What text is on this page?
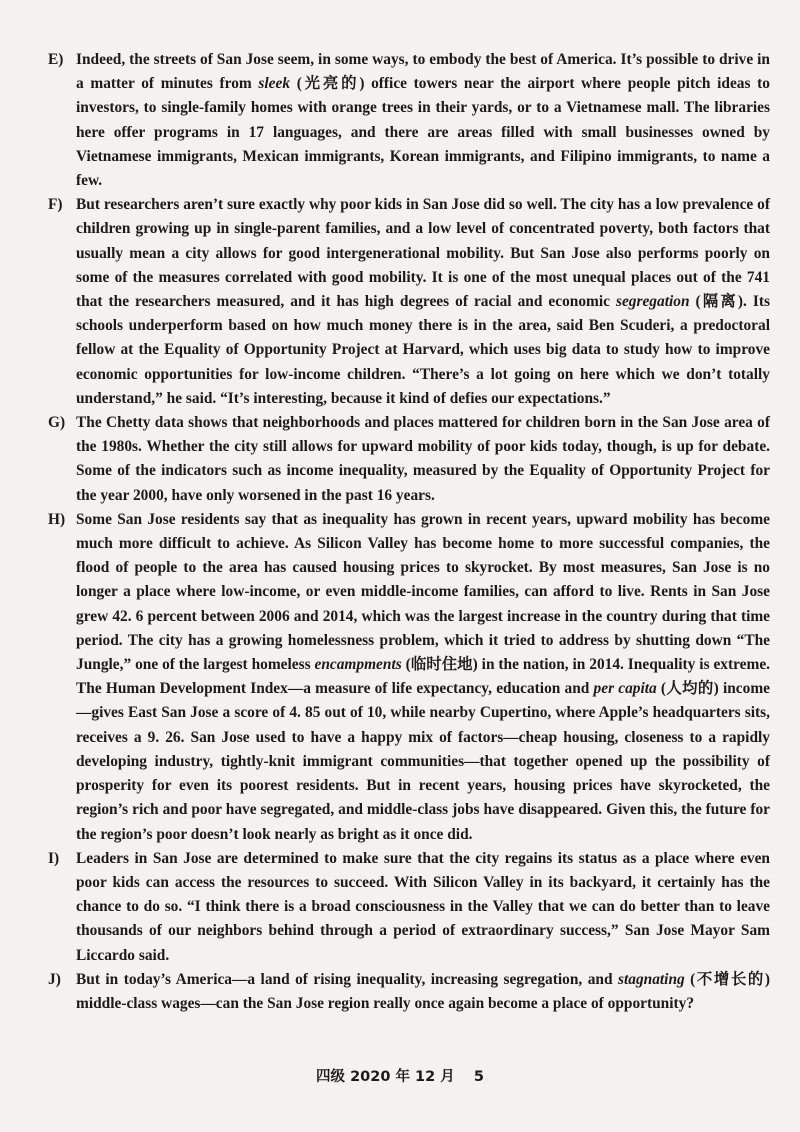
E) Indeed, the streets of San Jose seem, in some ways, to embody the best of America. It’s possible to drive in a matter of minutes from sleek (光亮的) office towers near the airport where people pitch ideas to investors, to single-family homes with orange trees in their yards, or to a Vietnamese mall. The libraries here offer programs in 17 languages, and there are areas filled with small businesses owned by Vietnamese immigrants, Mexican immigrants, Korean immigrants, and Filipino immigrants, to name a few.
F) But researchers aren’t sure exactly why poor kids in San Jose did so well. The city has a low prevalence of children growing up in single-parent families, and a low level of concentrated poverty, both factors that usually mean a city allows for good intergenerational mobility. But San Jose also performs poorly on some of the measures correlated with good mobility. It is one of the most unequal places out of the 741 that the researchers measured, and it has high degrees of racial and economic segregation (隔离). Its schools underperform based on how much money there is in the area, said Ben Scuderi, a predoctoral fellow at the Equality of Opportunity Project at Harvard, which uses big data to study how to improve economic opportunities for low-income children. “There’s a lot going on here which we don’t totally understand,” he said. “It’s interesting, because it kind of defies our expectations.”
G) The Chetty data shows that neighborhoods and places mattered for children born in the San Jose area of the 1980s. Whether the city still allows for upward mobility of poor kids today, though, is up for debate. Some of the indicators such as income inequality, measured by the Equality of Opportunity Project for the year 2000, have only worsened in the past 16 years.
H) Some San Jose residents say that as inequality has grown in recent years, upward mobility has become much more difficult to achieve. As Silicon Valley has become home to more successful companies, the flood of people to the area has caused housing prices to skyrocket. By most measures, San Jose is no longer a place where low-income, or even middle-income families, can afford to live. Rents in San Jose grew 42. 6 percent between 2006 and 2014, which was the largest increase in the country during that time period. The city has a growing homelessness problem, which it tried to address by shutting down “The Jungle,” one of the largest homeless encampments (临时住地) in the nation, in 2014. Inequality is extreme. The Human Development Index—a measure of life expectancy, education and per capita (人均的) income—gives East San Jose a score of 4. 85 out of 10, while nearby Cupertino, where Apple’s headquarters sits, receives a 9. 26. San Jose used to have a happy mix of factors—cheap housing, closeness to a rapidly developing industry, tightly-knit immigrant communities—that together opened up the possibility of prosperity for even its poorest residents. But in recent years, housing prices have skyrocketed, the region’s rich and poor have segregated, and middle-class jobs have disappeared. Given this, the future for the region’s poor doesn’t look nearly as bright as it once did.
I)	Leaders in San Jose are determined to make sure that the city regains its status as a place where even poor kids can access the resources to succeed. With Silicon Valley in its backyard, it certainly has the chance to do so. “I think there is a broad consciousness in the Valley that we can do better than to leave thousands of our neighbors behind through a period of extraordinary success,” San Jose Mayor Sam Liccardo said.
J) But in today’s America—a land of rising inequality, increasing segregation, and stagnating (不增长的) middle-class wages—can the San Jose region really once again become a place of opportunity?
四级 2020 年 12 月 5
